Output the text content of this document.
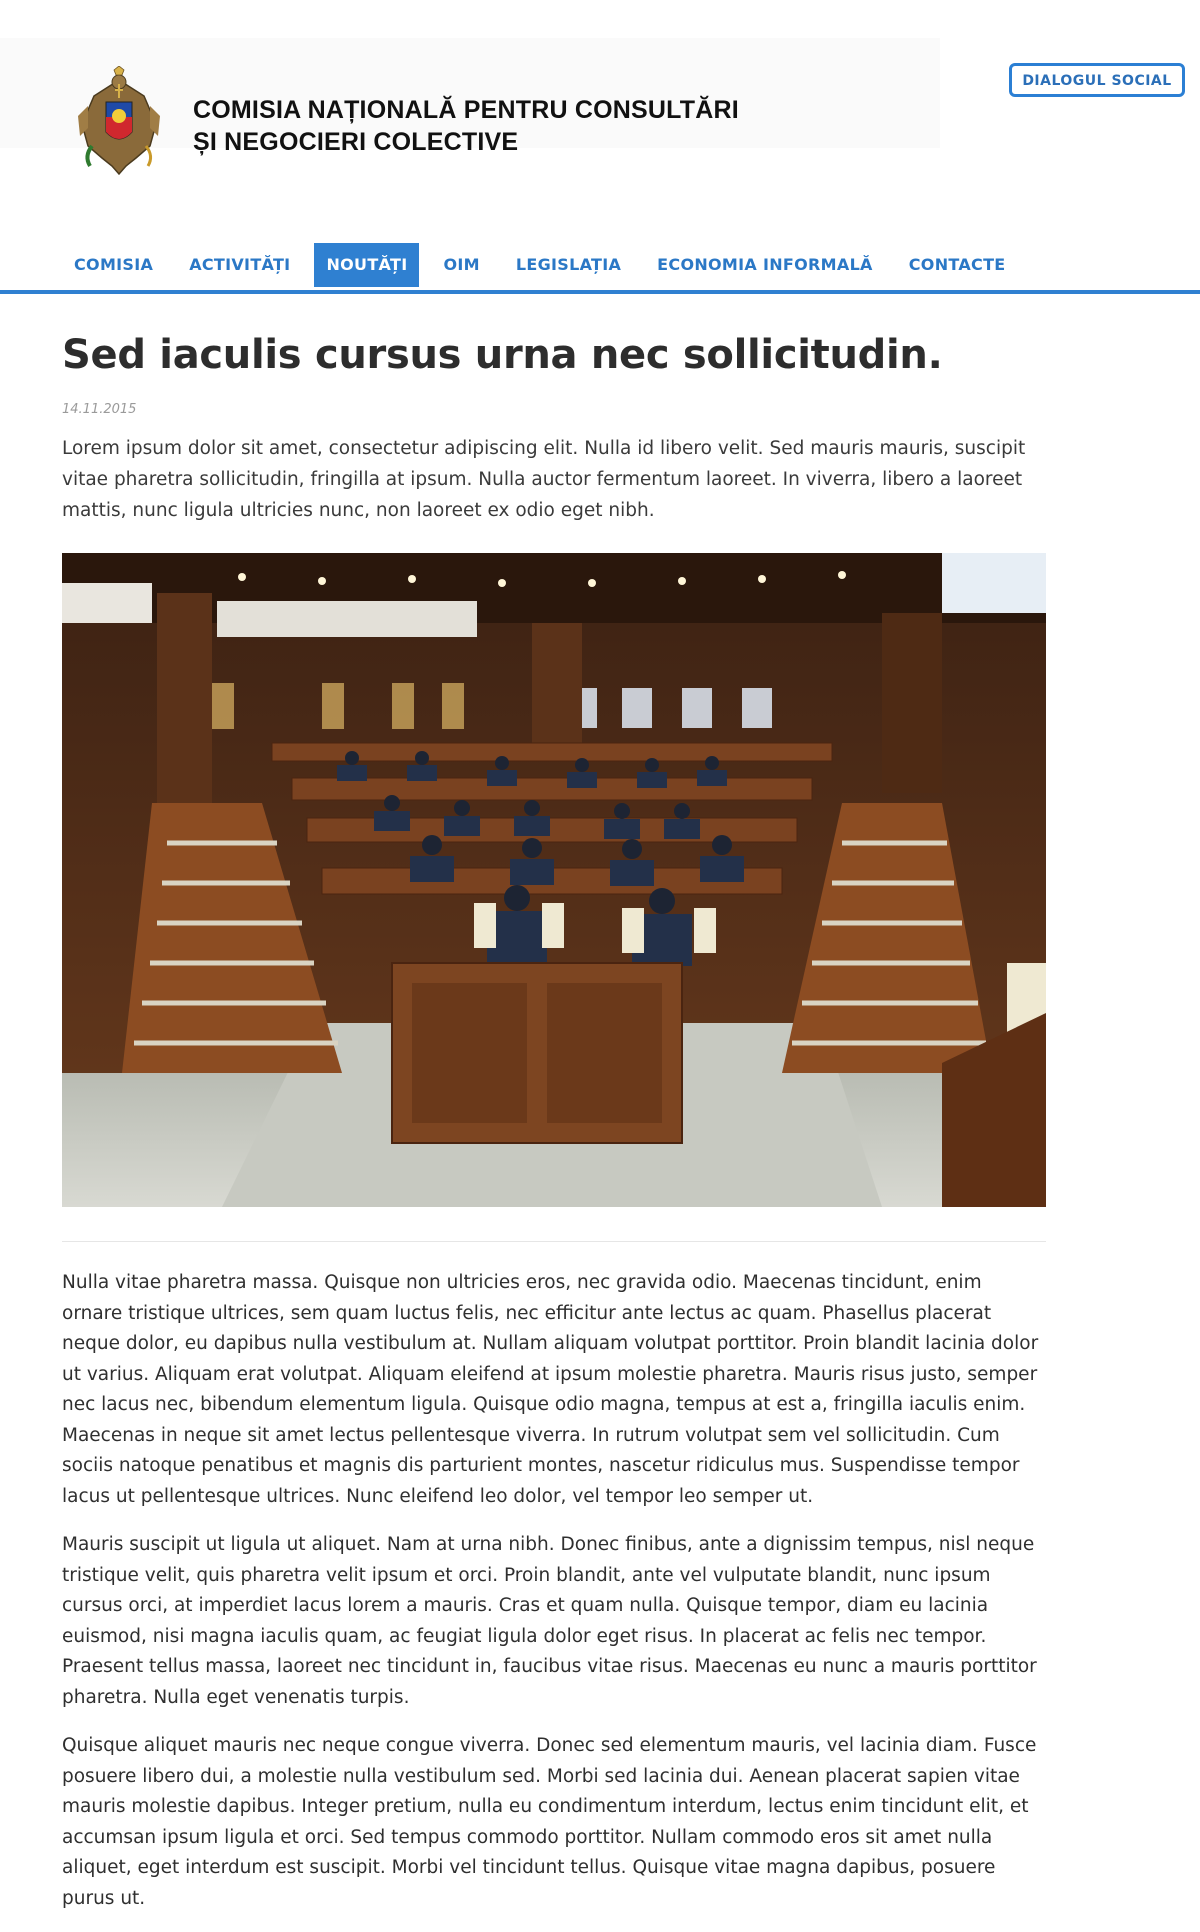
COMISIA NAȚIONALĂ PENTRU CONSULTĂRI
ȘI NEGOCIERI COLECTIVE
DIALOGUL SOCIAL
COMISIA	ACTIVITĂȚI	NOUTĂȚI	OIM	LEGISLAȚIA	ECONOMIA INFORMALĂ	CONTACTE
Sed iaculis cursus urna nec sollicitudin.
14.11.2015

Lorem ipsum dolor sit amet, consectetur adipiscing elit. Nulla id libero velit. Sed mauris mauris, suscipit vitae pharetra sollicitudin, fringilla at ipsum. Nulla auctor fermentum laoreet. In viverra, libero a laoreet mattis, nunc ligula ultricies nunc, non laoreet ex odio eget nibh.

Nulla vitae pharetra massa. Quisque non ultricies eros, nec gravida odio. Maecenas tincidunt, enim ornare tristique ultrices, sem quam luctus felis, nec efficitur ante lectus ac quam. Phasellus placerat neque dolor, eu dapibus nulla vestibulum at. Nullam aliquam volutpat porttitor. Proin blandit lacinia dolor ut varius. Aliquam erat volutpat. Aliquam eleifend at ipsum molestie pharetra. Mauris risus justo, semper nec lacus nec, bibendum elementum ligula. Quisque odio magna, tempus at est a, fringilla iaculis enim. Maecenas in neque sit amet lectus pellentesque viverra. In rutrum volutpat sem vel sollicitudin. Cum sociis natoque penatibus et magnis dis parturient montes, nascetur ridiculus mus. Suspendisse tempor lacus ut pellentesque ultrices. Nunc eleifend leo dolor, vel tempor leo semper ut.

Mauris suscipit ut ligula ut aliquet. Nam at urna nibh. Donec finibus, ante a dignissim tempus, nisl neque tristique velit, quis pharetra velit ipsum et orci. Proin blandit, ante vel vulputate blandit, nunc ipsum cursus orci, at imperdiet lacus lorem a mauris. Cras et quam nulla. Quisque tempor, diam eu lacinia euismod, nisi magna iaculis quam, ac feugiat ligula dolor eget risus. In placerat ac felis nec tempor. Praesent tellus massa, laoreet nec tincidunt in, faucibus vitae risus. Maecenas eu nunc a mauris porttitor pharetra. Nulla eget venenatis turpis.

Quisque aliquet mauris nec neque congue viverra. Donec sed elementum mauris, vel lacinia diam. Fusce posuere libero dui, a molestie nulla vestibulum sed. Morbi sed lacinia dui. Aenean placerat sapien vitae mauris molestie dapibus. Integer pretium, nulla eu condimentum interdum, lectus enim tincidunt elit, et accumsan ipsum ligula et orci. Sed tempus commodo porttitor. Nullam commodo eros sit amet nulla aliquet, eget interdum est suscipit. Morbi vel tincidunt tellus. Quisque vitae magna dapibus, posuere purus ut.
